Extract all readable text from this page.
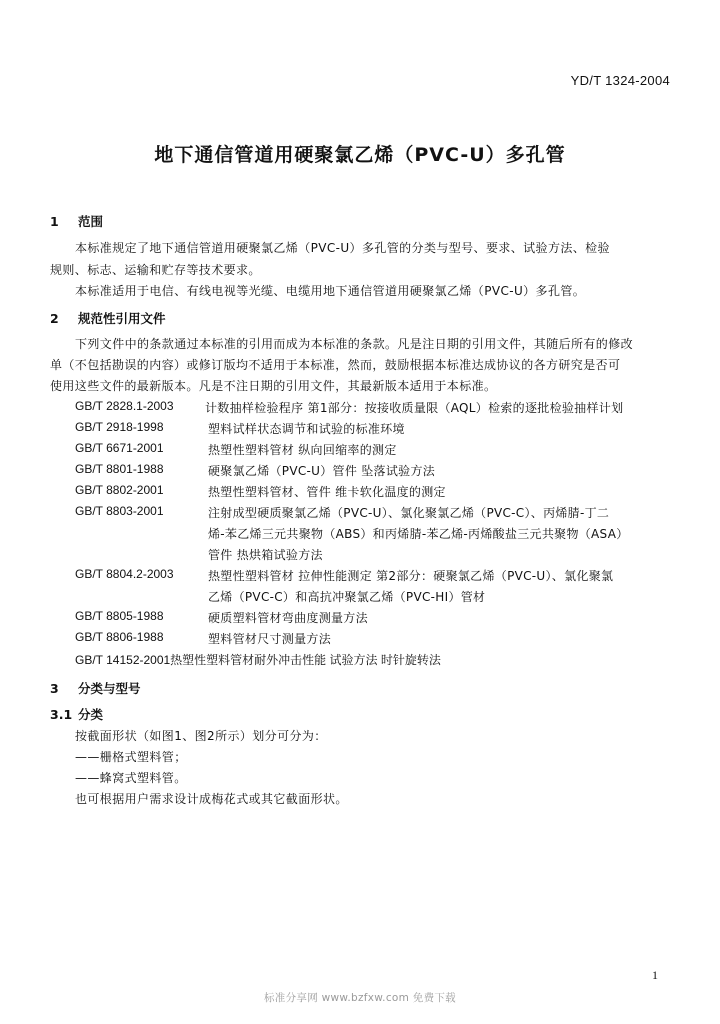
YD/T 1324-2004
地下通信管道用硬聚氯乙烯（PVC-U）多孔管
1 范围
本标准规定了地下通信管道用硬聚氯乙烯（PVC-U）多孔管的分类与型号、要求、试验方法、检验
规则、标志、运输和贮存等技术要求。
本标准适用于电信、有线电视等光缆、电缆用地下通信管道用硬聚氯乙烯（PVC-U）多孔管。
2 规范性引用文件
下列文件中的条款通过本标准的引用而成为本标准的条款。凡是注日期的引用文件，其随后所有的修改
单（不包括勘误的内容）或修订版均不适用于本标准，然而，鼓励根据本标准达成协议的各方研究是否可
使用这些文件的最新版本。凡是不注日期的引用文件，其最新版本适用于本标准。
GB/T 2828.1-2003	计数抽样检验程序 第1部分：按接收质量限（AQL）检索的逐批检验抽样计划
GB/T 2918-1998	塑料试样状态调节和试验的标准环境
GB/T 6671-2001	热塑性塑料管材 纵向回缩率的测定
GB/T 8801-1988	硬聚氯乙烯（PVC-U）管件 坠落试验方法
GB/T 8802-2001	热塑性塑料管材、管件 维卡软化温度的测定
GB/T 8803-2001	注射成型硬质聚氯乙烯（PVC-U）、氯化聚氯乙烯（PVC-C）、丙烯腈-丁二
烯-苯乙烯三元共聚物（ABS）和丙烯腈-苯乙烯-丙烯酸盐三元共聚物（ASA）
管件 热烘箱试验方法
GB/T 8804.2-2003	热塑性塑料管材 拉伸性能测定 第2部分：硬聚氯乙烯（PVC-U）、氯化聚氯
乙烯（PVC-C）和高抗冲聚氯乙烯（PVC-HI）管材
GB/T 8805-1988	硬质塑料管材弯曲度测量方法
GB/T 8806-1988	塑料管材尺寸测量方法
GB/T 14152-2001热塑性塑料管材耐外冲击性能 试验方法 时针旋转法
3 分类与型号
3.1 分类
按截面形状（如图1、图2所示）划分可分为：
——栅格式塑料管；
——蜂窝式塑料管。
也可根据用户需求设计成梅花式或其它截面形状。
1
标准分享网 www.bzfxw.com 免费下载
